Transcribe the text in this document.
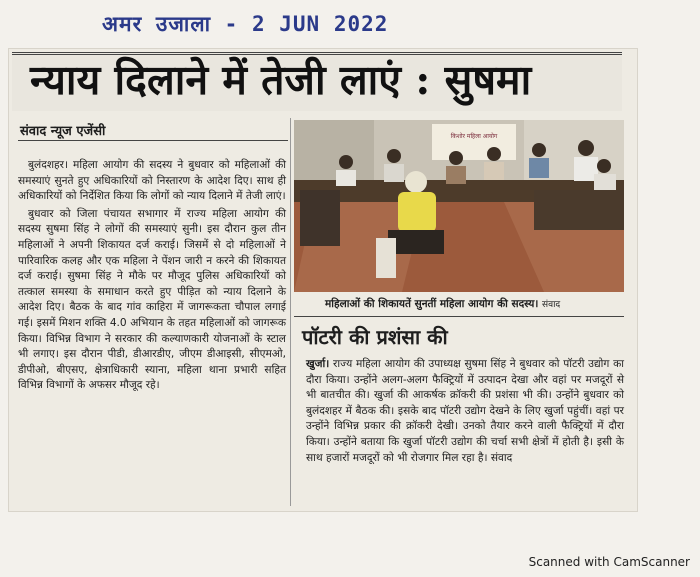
अमर उजाला - 2 JUN 2022
न्याय दिलाने में तेजी लाएं : सुषमा
संवाद न्यूज एजेंसी

बुलंदशहर। महिला आयोग की सदस्य ने बुधवार को महिलाओं की समस्याएं सुनते हुए अधिकारियों को निस्तारण के आदेश दिए। साथ ही अधिकारियों को निर्देशित किया कि लोगों को न्याय दिलाने में तेजी लाएं।

बुधवार को जिला पंचायत सभागार में राज्य महिला आयोग की सदस्य सुषमा सिंह ने लोगों की समस्याएं सुनी। इस दौरान कुल तीन महिलाओं ने अपनी शिकायत दर्ज कराई। जिसमें से दो महिलाओं ने पारिवारिक कलह और एक महिला ने पेंशन जारी न करने की शिकायत दर्ज कराई। सुषमा सिंह ने मौके पर मौजूद पुलिस अधिकारियों को तत्काल समस्या के समाधान करते हुए पीड़ित को न्याय दिलाने के आदेश दिए। बैठक के बाद गांव काहिरा में जागरूकता चौपाल लगाई गई। इसमें मिशन शक्ति 4.0 अभियान के तहत महिलाओं को जागरूक किया। विभिन्न विभाग ने सरकार की कल्याणकारी योजनाओं के स्टाल भी लगाए। इस दौरान पीडी, डीआरडीए, जीएम डीआइसी, सीएमओ, डीपीओ, बीएसए, क्षेत्राधिकारी स्याना, महिला थाना प्रभारी सहित विभिन्न विभागों के अफसर मौजूद रहे।

किशोर महिला आयोग
महिलाओं की शिकायतें सुनतीं महिला आयोग की सदस्य। संवाद
पॉटरी की प्रशंसा की

खुर्जा। राज्य महिला आयोग की उपाध्यक्ष सुषमा सिंह ने बुधवार को पॉटरी उद्योग का दौरा किया। उन्होंने अलग-अलग फैक्ट्रियों में उत्पादन देखा और वहां पर मजदूरों से भी बातचीत की। खुर्जा की आकर्षक क्रॉकरी की प्रशंसा भी की। उन्होंने बुधवार को बुलंदशहर में बैठक की। इसके बाद पॉटरी उद्योग देखने के लिए खुर्जा पहुंचीं। वहां पर उन्होंने विभिन्न प्रकार की क्रॉकरी देखी। उनको तैयार करने वाली फैक्ट्रियों में दौरा किया। उन्होंने बताया कि खुर्जा पॉटरी उद्योग की चर्चा सभी क्षेत्रों में होती है। इसी के साथ हजारों मजदूरों को भी रोजगार मिल रहा है। संवाद

Scanned with CamScanner
